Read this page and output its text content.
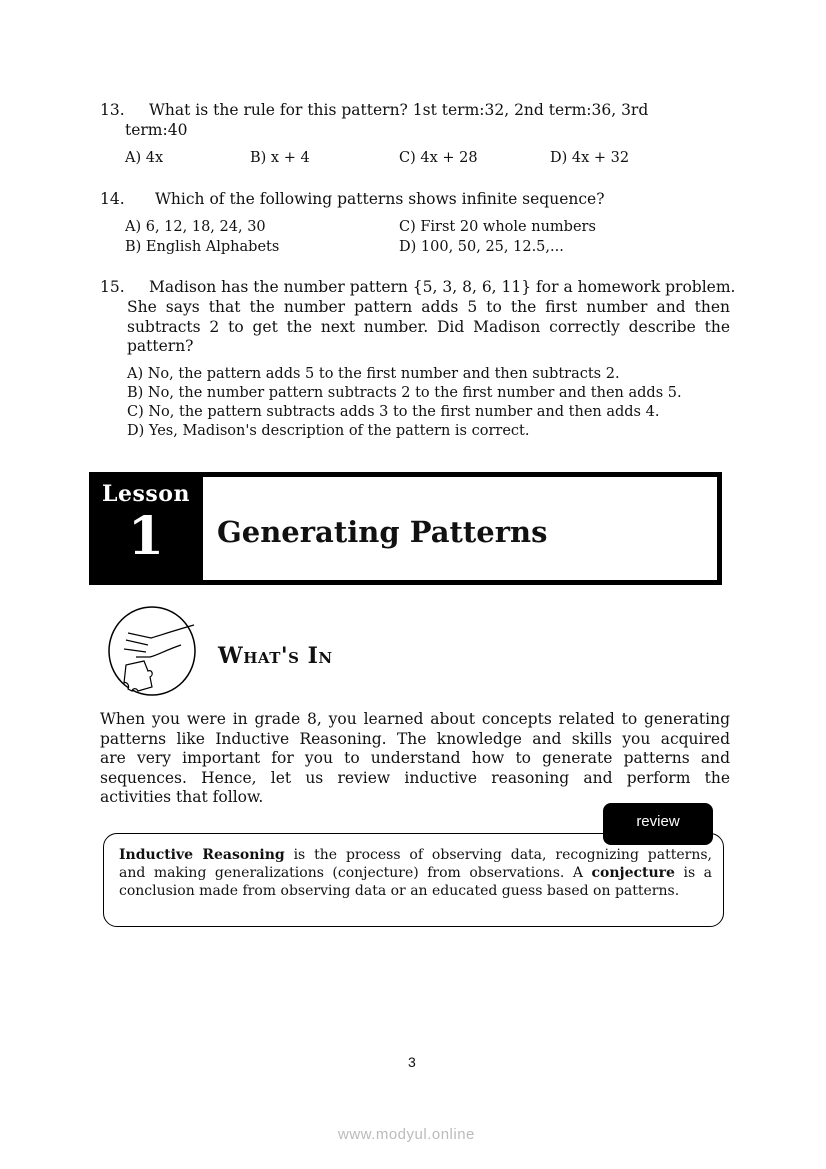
13. What is the rule for this pattern? 1st term:32, 2nd term:36, 3rd
term:40
A) 4x	B) x + 4	C) 4x + 28	D) 4x + 32
14. Which of the following patterns shows infinite sequence?
A) 6, 12, 18, 24, 30
B) English Alphabets
C) First 20 whole numbers
D) 100, 50, 25, 12.5,...
15. Madison has the number pattern {5, 3, 8, 6, 11} for a homework problem.
She says that the number pattern adds 5 to the first number and then
subtracts 2 to get the next number. Did Madison correctly describe the
pattern?
A) No, the pattern adds 5 to the first number and then subtracts 2.
B) No, the number pattern subtracts 2 to the first number and then adds 5.
C) No, the pattern subtracts adds 3 to the first number and then adds 4.
D) Yes, Madison's description of the pattern is correct.
Lesson
1	Generating Patterns
What's In
When you were in grade 8, you learned about concepts related to generating
patterns like Inductive Reasoning. The knowledge and skills you acquired
are very important for you to understand how to generate patterns and
sequences. Hence, let us review inductive reasoning and perform the
activities that follow.
review
Inductive Reasoning is the process of observing data, recognizing patterns,
and making generalizations (conjecture) from observations. A conjecture is a
conclusion made from observing data or an educated guess based on patterns.
3
www.modyul.online
